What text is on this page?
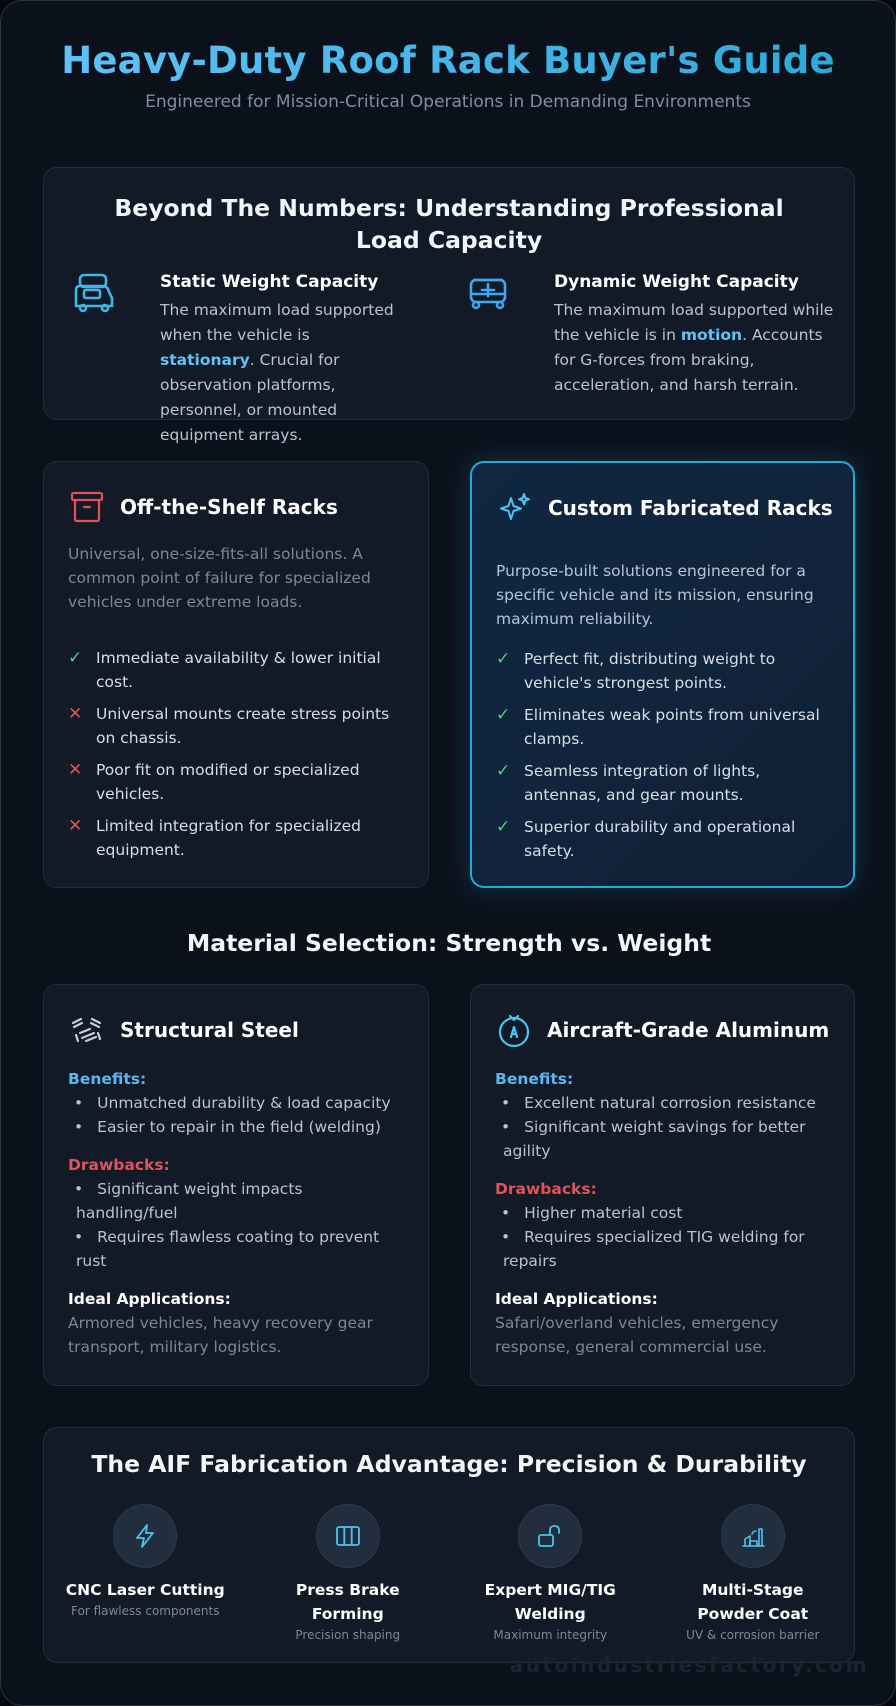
Heavy-Duty Roof Rack Buyer's Guide
Engineered for Mission-Critical Operations in Demanding Environments
Beyond The Numbers: Understanding Professional Load Capacity
Static Weight Capacity

The maximum load supported when the vehicle is stationary. Crucial for observation platforms, personnel, or mounted equipment arrays.

Dynamic Weight Capacity

The maximum load supported while the vehicle is in motion. Accounts for G-forces from braking, acceleration, and harsh terrain.

Off-the-Shelf Racks
Universal, one-size-fits-all solutions. A common point of failure for specialized vehicles under extreme loads.
✓ Immediate availability & lower initial cost.
✕ Universal mounts create stress points on chassis.
✕ Poor fit on modified or specialized vehicles.
✕ Limited integration for specialized equipment.
Custom Fabricated Racks
Purpose-built solutions engineered for a specific vehicle and its mission, ensuring maximum reliability.
✓ Perfect fit, distributing weight to vehicle's strongest points.
✓ Eliminates weak points from universal clamps.
✓ Seamless integration of lights, antennas, and gear mounts.
✓ Superior durability and operational safety.
Material Selection: Strength vs. Weight
Structural Steel
Benefits:
• Unmatched durability & load capacity
• Easier to repair in the field (welding)
Drawbacks:
• Significant weight impacts handling/fuel
• Requires flawless coating to prevent rust
Ideal Applications:
Armored vehicles, heavy recovery gear transport, military logistics.
Aircraft-Grade Aluminum
Benefits:
• Excellent natural corrosion resistance
• Significant weight savings for better agility
Drawbacks:
• Higher material cost
• Requires specialized TIG welding for repairs
Ideal Applications:
Safari/overland vehicles, emergency response, general commercial use.
The AIF Fabrication Advantage: Precision & Durability
CNC Laser Cutting
For flawless components
Press Brake Forming
Precision shaping
Expert MIG/TIG Welding
Maximum integrity
Multi-Stage Powder Coat
UV & corrosion barrier
autoindustriesfactory.com
